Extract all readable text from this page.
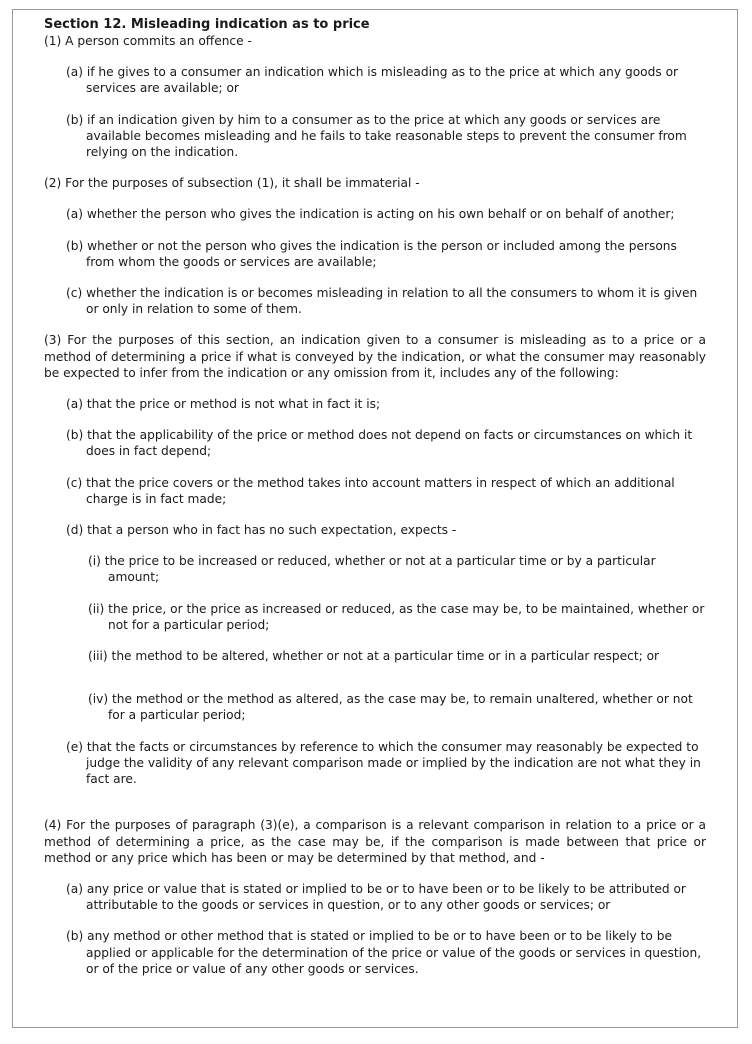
Section 12. Misleading indication as to price

(1) A person commits an offence -

(a) if he gives to a consumer an indication which is misleading as to the price at which any goods or services are available; or
(b) if an indication given by him to a consumer as to the price at which any goods or services are available becomes misleading and he fails to take reasonable steps to prevent the consumer from relying on the indication.

(2) For the purposes of subsection (1), it shall be immaterial -

(a) whether the person who gives the indication is acting on his own behalf or on behalf of another;
(b) whether or not the person who gives the indication is the person or included among the persons from whom the goods or services are available;
(c) whether the indication is or becomes misleading in relation to all the consumers to whom it is given or only in relation to some of them.

(3) For the purposes of this section, an indication given to a consumer is misleading as to a price or a method of determining a price if what is conveyed by the indication, or what the consumer may reasonably be expected to infer from the indication or any omission from it, includes any of the following:

(a) that the price or method is not what in fact it is;
(b) that the applicability of the price or method does not depend on facts or circumstances on which it does in fact depend;
(c) that the price covers or the method takes into account matters in respect of which an additional charge is in fact made;
(d) that a person who in fact has no such expectation, expects -
(i) the price to be increased or reduced, whether or not at a particular time or by a particular amount;
(ii) the price, or the price as increased or reduced, as the case may be, to be maintained, whether or not for a particular period;
(iii) the method to be altered, whether or not at a particular time or in a particular respect; or
(iv) the method or the method as altered, as the case may be, to remain unaltered, whether or not for a particular period;
(e) that the facts or circumstances by reference to which the consumer may reasonably be expected to judge the validity of any relevant comparison made or implied by the indication are not what they in fact are.

(4) For the purposes of paragraph (3)(e), a comparison is a relevant comparison in relation to a price or a method of determining a price, as the case may be, if the comparison is made between that price or method or any price which has been or may be determined by that method, and -

(a) any price or value that is stated or implied to be or to have been or to be likely to be attributed or attributable to the goods or services in question, or to any other goods or services; or
(b) any method or other method that is stated or implied to be or to have been or to be likely to be applied or applicable for the determination of the price or value of the goods or services in question, or of the price or value of any other goods or services.
